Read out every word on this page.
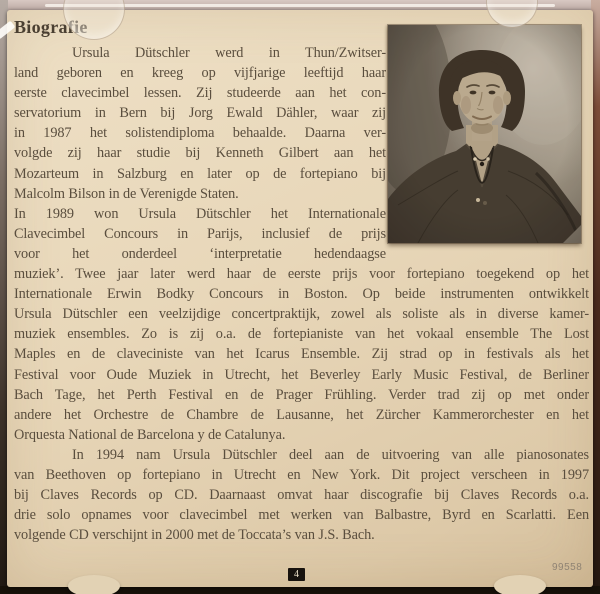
Biografie
Ursula Dütschler werd in Thun/Zwitser-
land geboren en kreeg op vijfjarige leeftijd haar
eerste clavecimbel lessen. Zij studeerde aan het con-
servatorium in Bern bij Jorg Ewald Dähler, waar zij
in 1987 het solistendiploma behaalde. Daarna ver-
volgde zij haar studie bij Kenneth Gilbert aan het
Mozarteum in Salzburg en later op de fortepiano bij
Malcolm Bilson in de Verenigde Staten.
In 1989 won Ursula Dütschler het Internationale
Clavecimbel Concours in Parijs, inclusief de prijs
voor het onderdeel ‘interpretatie hedendaagse
muziek’. Twee jaar later werd haar de eerste prijs voor fortepiano toegekend op het
Internationale Erwin Bodky Concours in Boston. Op beide instrumenten ontwikkelt
Ursula Dütschler een veelzijdige concertpraktijk, zowel als soliste als in diverse kamer-
muziek ensembles. Zo is zij o.a. de fortepianiste van het vokaal ensemble The Lost
Maples en de claveciniste van het Icarus Ensemble. Zij strad op in festivals als het
Festival voor Oude Muziek in Utrecht, het Beverley Early Music Festival, de Berliner
Bach Tage, het Perth Festival en de Prager Frühling. Verder trad zij op met onder
andere het Orchestre de Chambre de Lausanne, het Zürcher Kammerorchester en het
Orquesta National de Barcelona y de Catalunya.
In 1994 nam Ursula Dütschler deel aan de uitvoering van alle pianosonates
van Beethoven op fortepiano in Utrecht en New York. Dit project verscheen in 1997
bij Claves Records op CD. Daarnaast omvat haar discografie bij Claves Records o.a.
drie solo opnames voor clavecimbel met werken van Balbastre, Byrd en Scarlatti. Een
volgende CD verschijnt in 2000 met de Toccata’s van J.S. Bach.
4
99558
